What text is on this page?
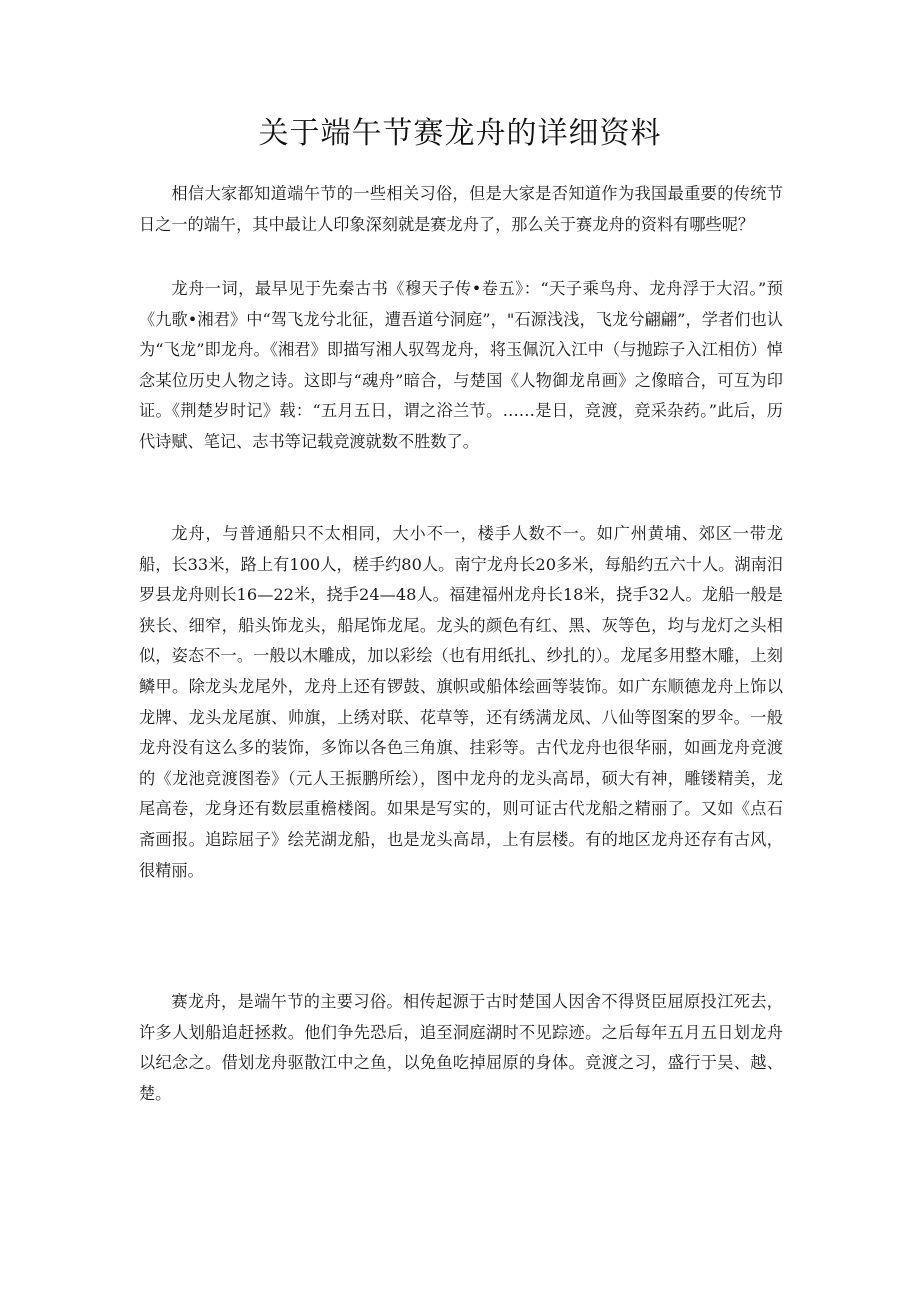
关于端午节赛龙舟的详细资料

相信大家都知道端午节的一些相关习俗，但是大家是否知道作为我国最重要的传统节日之一的端午，其中最让人印象深刻就是赛龙舟了，那么关于赛龙舟的资料有哪些呢？

龙舟一词，最早见于先秦古书《穆天子传•卷五》：“天子乘鸟舟、龙舟浮于大沼。”预《九歌•湘君》中“驾飞龙兮北征，遭吾道兮洞庭”，"石源浅浅，飞龙兮翩翩”，学者们也认为“飞龙”即龙舟。《湘君》即描写湘人驭驾龙舟，将玉佩沉入江中（与抛踪子入江相仿）悼念某位历史人物之诗。这即与“魂舟”暗合，与楚国《人物御龙帛画》之像暗合，可互为印证。《荆楚岁时记》载：“五月五日，谓之浴兰节。……是日，竞渡，竞采杂药。”此后，历代诗赋、笔记、志书等记载竞渡就数不胜数了。

龙舟，与普通船只不太相同，大小不一，楼手人数不一。如广州黄埔、郊区一带龙船，长33米，路上有100人，槎手约80人。南宁龙舟长20多米，每船约五六十人。湖南汨罗县龙舟则长16—22米，挠手24—48人。福建福州龙舟长18米，挠手32人。龙船一般是狭长、细窄，船头饰龙头，船尾饰龙尾。龙头的颜色有红、黑、灰等色，均与龙灯之头相似，姿态不一。一般以木雕成，加以彩绘（也有用纸扎、纱扎的）。龙尾多用整木雕，上刻鳞甲。除龙头龙尾外，龙舟上还有锣鼓、旗帜或船体绘画等装饰。如广东顺德龙舟上饰以龙牌、龙头龙尾旗、帅旗，上绣对联、花草等，还有绣满龙凤、八仙等图案的罗伞。一般龙舟没有这么多的装饰，多饰以各色三角旗、挂彩等。古代龙舟也很华丽，如画龙舟竞渡的《龙池竞渡图卷》（元人王振鹏所绘），图中龙舟的龙头高昂，硕大有神，雕镂精美，龙尾高卷，龙身还有数层重檐楼阁。如果是写实的，则可证古代龙船之精丽了。又如《点石斋画报。追踪屈子》绘芜湖龙船，也是龙头高昂，上有层楼。有的地区龙舟还存有古风，很精丽。

赛龙舟，是端午节的主要习俗。相传起源于古时楚国人因舍不得贤臣屈原投江死去，许多人划船追赶拯救。他们争先恐后，追至洞庭湖时不见踪迹。之后每年五月五日划龙舟以纪念之。借划龙舟驱散江中之鱼，以免鱼吃掉屈原的身体。竞渡之习，盛行于吴、越、楚。
